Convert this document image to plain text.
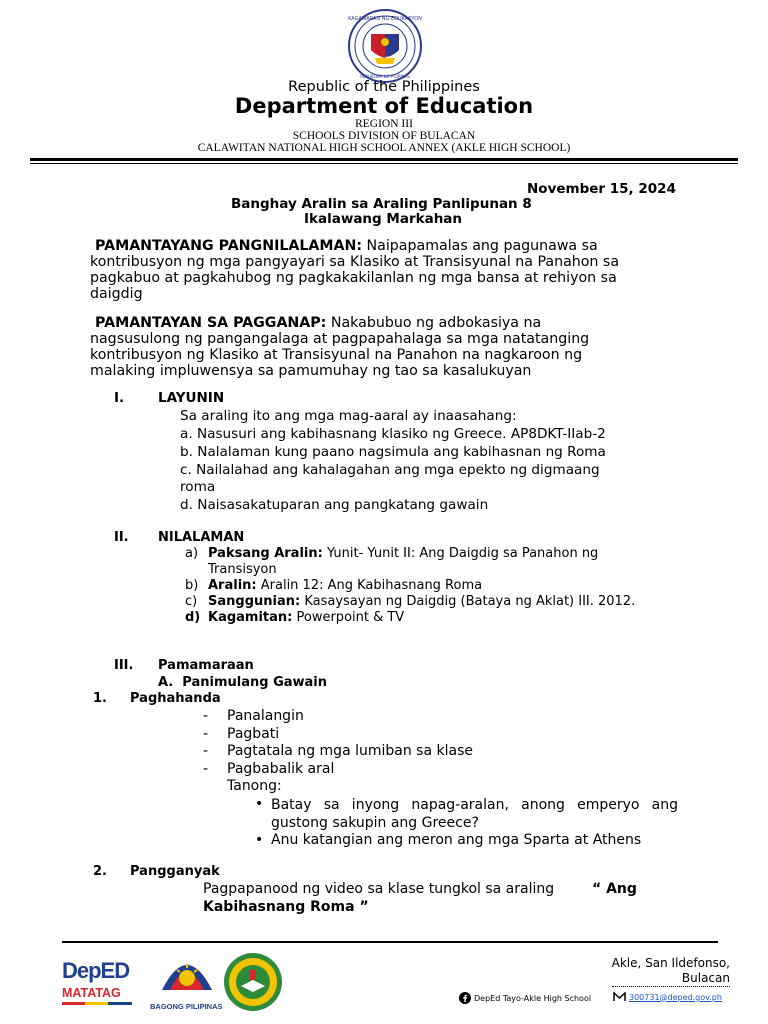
KAGAWARAN NG EDUKASYON
REPUBLIKA NG PILIPINAS
Republic of the Philippines
Department of Education
REGION III
SCHOOLS DIVISION OF BULACAN
CALAWITAN NATIONAL HIGH SCHOOL ANNEX (AKLE HIGH SCHOOL)
November 15, 2024
Banghay Aralin sa Araling Panlipunan 8
Ikalawang Markahan
PAMANTAYANG PANGNILALAMAN: Naipapamalas ang pagunawa sa
kontribusyon ng mga pangyayari sa Klasiko at Transisyunal na Panahon sa
pagkabuo at pagkahubog ng pagkakakilanlan ng mga bansa at rehiyon sa
daigdig
PAMANTAYAN SA PAGGANAP: Nakabubuo ng adbokasiya na
nagsusulong ng pangangalaga at pagpapahalaga sa mga natatanging
kontribusyon ng Klasiko at Transisyunal na Panahon na nagkaroon ng
malaking impluwensya sa pamumuhay ng tao sa kasalukuyan
I.	LAYUNIN
Sa araling ito ang mga mag-aaral ay inaasahang:
a. Nasusuri ang kabihasnang klasiko ng Greece. AP8DKT-IIab-2
b. Nalalaman kung paano nagsimula ang kabihasnan ng Roma
c. Nailalahad ang kahalagahan ang mga epekto ng digmaang
roma
d. Naisasakatuparan ang pangkatang gawain
II. NILALAMAN
a) Paksang Aralin: Yunit- Yunit II: Ang Daigdig sa Panahon ng
Transisyon
b) Aralin: Aralin 12: Ang Kabihasnang Roma
c) Sanggunian: Kasaysayan ng Daigdig (Bataya ng Aklat) III. 2012.
d) Kagamitan: Powerpoint & TV
III. Pamamaraan
A.  Panimulang Gawain
1. Paghahanda
- Panalangin
- Pagbati
- Pagtatala ng mga lumiban sa klase
- Pagbabalik aral
Tanong:
• Batay sa inyong napag-aralan, anong emperyo ang
gustong sakupin ang Greece?
• Anu katangian ang meron ang mga Sparta at Athens
2. Pangganyak
Pagpapanood ng video sa klase tungkol sa araling	“ Ang
Kabihasnang Roma ”
DepED
MATATAG
BAGONG PILIPINAS
Akle, San Ildefonso,
Bulacan
DepEd Tayo-Akle High School	300731@deped.gov.ph
